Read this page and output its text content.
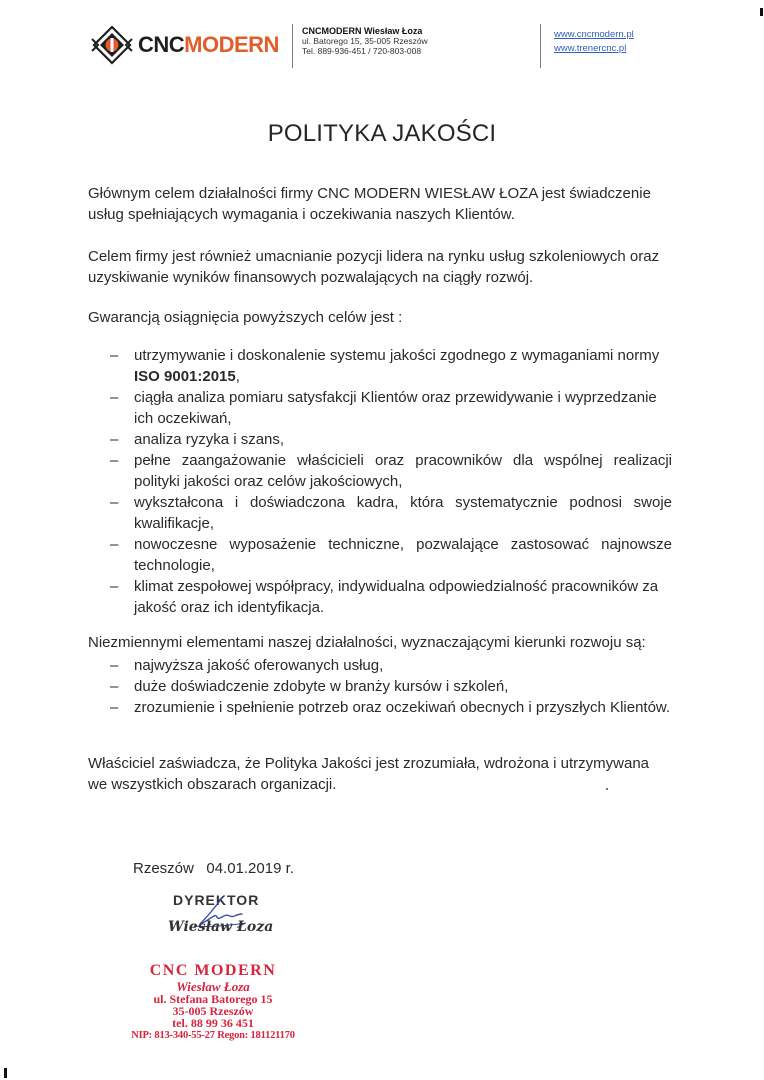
CNCMODERN
CNCMODERN Wiesław Łoza
ul. Batorego 15, 35-005 Rzeszów
Tel. 889-936-451 / 720-803-008
www.cncmodern.pl
www.trenercnc.pl
POLITYKA JAKOŚCI
Głównym celem działalności firmy CNC MODERN WIESŁAW ŁOZA jest świadczenie usług spełniających wymagania i oczekiwania naszych Klientów.
Celem firmy jest również umacnianie pozycji lidera na rynku usług szkoleniowych oraz uzyskiwanie wyników finansowych pozwalających na ciągły rozwój.
Gwarancją osiągnięcia powyższych celów jest :
– utrzymywanie i doskonalenie systemu jakości zgodnego z wymaganiami normy ISO 9001:2015,
– ciągła analiza pomiaru satysfakcji Klientów oraz przewidywanie i wyprzedzanie ich oczekiwań,
– analiza ryzyka i szans,
– pełne zaangażowanie właścicieli oraz pracowników dla wspólnej realizacji polityki jakości oraz celów jakościowych,
– wykształcona i doświadczona kadra, która systematycznie podnosi swoje kwalifikacje,
– nowoczesne wyposażenie techniczne, pozwalające zastosować najnowsze technologie,
– klimat zespołowej współpracy, indywidualna odpowiedzialność pracowników za jakość oraz ich identyfikacja.
Niezmiennymi elementami naszej działalności, wyznaczającymi kierunki rozwoju są:
– najwyższa jakość oferowanych usług,
– duże doświadczenie zdobyte w branży kursów i szkoleń,
– zrozumienie i spełnienie potrzeb oraz oczekiwań obecnych i przyszłych Klientów.
Właściciel zaświadcza, że Polityka Jakości jest zrozumiała, wdrożona i utrzymywana we wszystkich obszarach organizacji.
Rzeszów   04.01.2019 r.
DYREKTOR
Wiesław Łoza
CNC MODERN
Wiesław Łoza
ul. Stefana Batorego 15
35-005 Rzeszów
tel. 88 99 36 451
NIP: 813-340-55-27 Regon: 181121170
